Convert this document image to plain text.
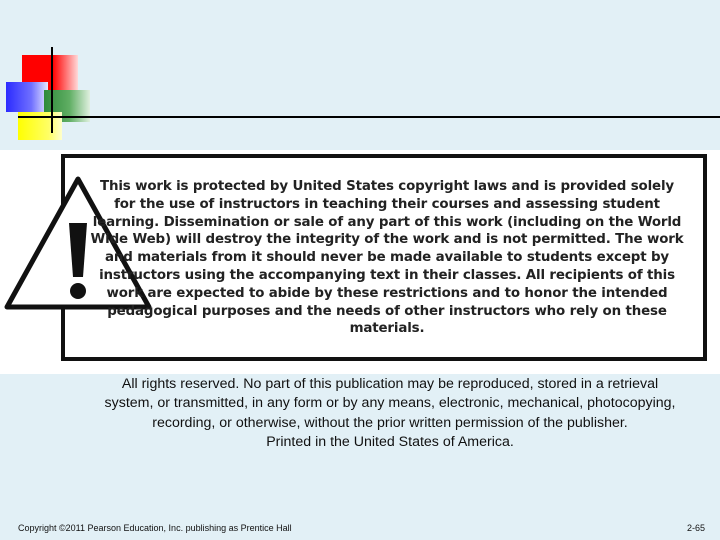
This work is protected by United States copyright laws and is provided solely for the use of instructors in teaching their courses and assessing student learning. Dissemination or sale of any part of this work (including on the World Wide Web) will destroy the integrity of the work and is not permitted. The work and materials from it should never be made available to students except by instructors using the accompanying text in their classes. All recipients of this work are expected to abide by these restrictions and to honor the intended pedagogical purposes and the needs of other instructors who rely on these materials.
All rights reserved. No part of this publication may be reproduced, stored in a retrieval
system, or transmitted, in any form or by any means, electronic, mechanical, photocopying,
recording, or otherwise, without the prior written permission of the publisher.
Printed in the United States of America.
Copyright ©2011 Pearson Education, Inc. publishing as Prentice Hall	2-65
